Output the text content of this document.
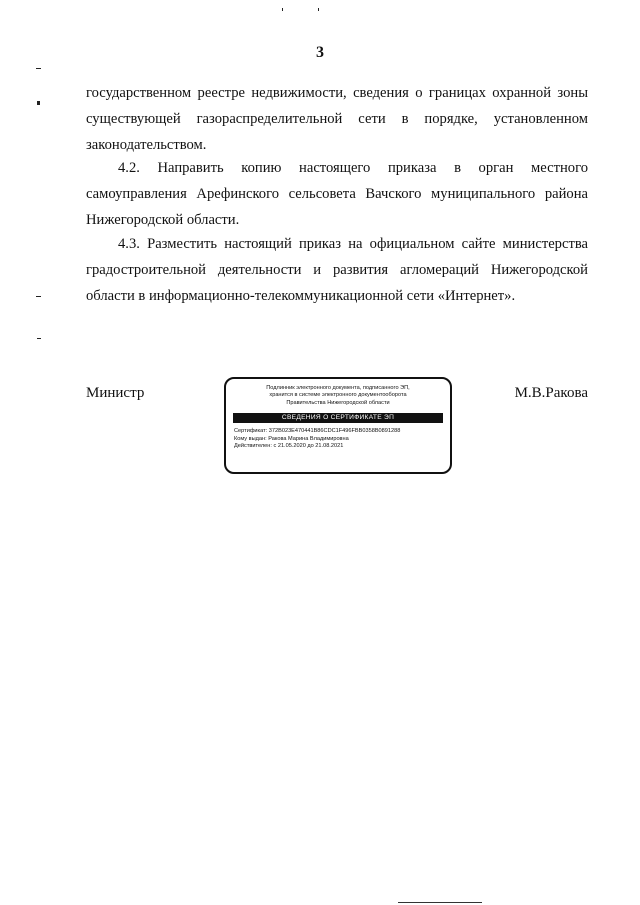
3

государственном реестре недвижимости, сведения о границах охранной зоны существующей газораспределительной сети в порядке, установленном законодательством.

4.2. Направить копию настоящего приказа в орган местного самоуправления Арефинского сельсовета Вачского муниципального района Нижегородской области.

4.3. Разместить настоящий приказ на официальном сайте министерства градостроительной деятельности и развития агломераций Нижегородской области в информационно-телекоммуникационной сети «Интернет».

Министр	М.В.Ракова
Подлинник электронного документа, подписанного ЭП,
хранится в системе электронного документооборота
Правительства Нижегородской области
СВЕДЕНИЯ О СЕРТИФИКАТЕ ЭП
Сертификат: 372B023E470441B86CDC1F496FBB0358B0891288
Кому выдан: Ракова Марина Владимировна
Действителен: с 21.05.2020 до 21.08.2021
